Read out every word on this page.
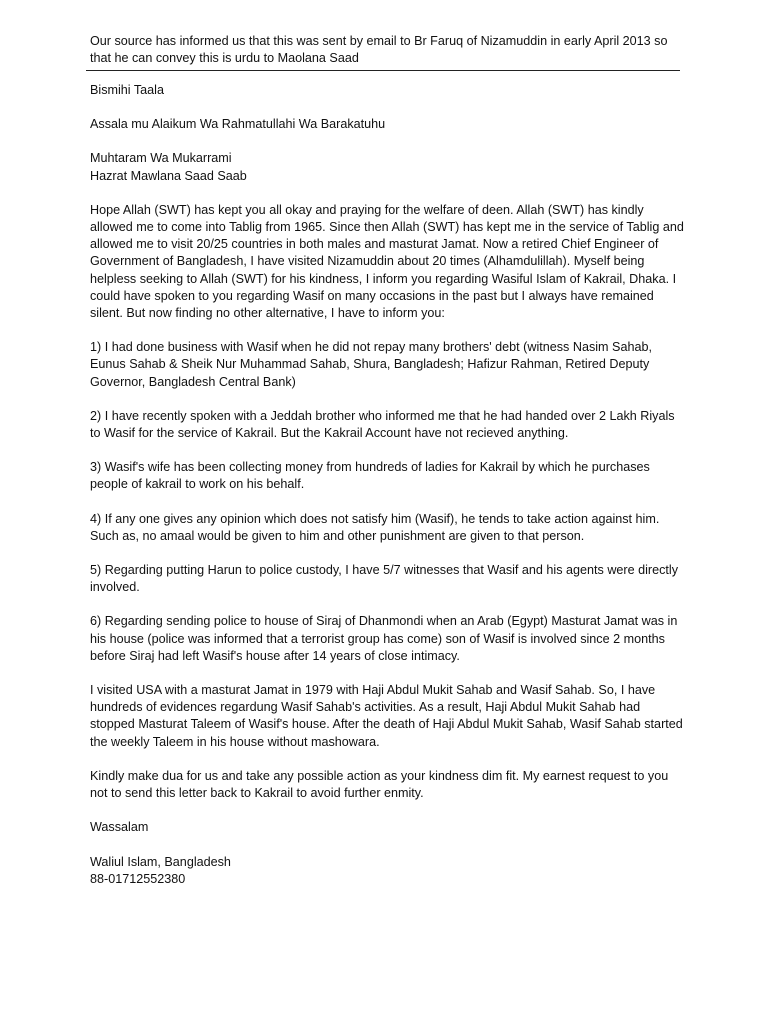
Our source has informed us that this was sent by email to Br Faruq of Nizamuddin in early April 2013 so that he can convey this is urdu to Maolana Saad

Bismihi Taala

Assala mu Alaikum Wa Rahmatullahi Wa Barakatuhu

Muhtaram Wa Mukarrami
Hazrat Mawlana Saad Saab

Hope Allah (SWT) has kept you all okay and praying for the welfare of deen. Allah (SWT) has kindly allowed me to come into Tablig from 1965. Since then Allah (SWT) has kept me in the service of Tablig and allowed me to visit 20/25 countries in both males and masturat Jamat. Now a retired Chief Engineer of Government of Bangladesh, I have visited Nizamuddin about 20 times (Alhamdulillah). Myself being helpless seeking to Allah (SWT) for his kindness, I inform you regarding Wasiful Islam of Kakrail, Dhaka. I could have spoken to you regarding Wasif on many occasions in the past but I always have remained silent. But now finding no other alternative, I have to inform you:

1) I had done business with Wasif when he did not repay many brothers' debt (witness Nasim Sahab, Eunus Sahab & Sheik Nur Muhammad Sahab, Shura, Bangladesh; Hafizur Rahman, Retired Deputy Governor, Bangladesh Central Bank)

2) I have recently spoken with a Jeddah brother who informed me that he had handed over 2 Lakh Riyals to Wasif for the service of Kakrail. But the Kakrail Account have not recieved anything.

3) Wasif's wife has been collecting money from hundreds of ladies for Kakrail by which he purchases people of kakrail to work on his behalf.

4) If any one gives any opinion which does not satisfy him (Wasif), he tends to take action against him. Such as, no amaal would be given to him and other punishment are given to that person.

5) Regarding putting Harun to police custody, I have 5/7 witnesses that Wasif and his agents were directly involved.

6) Regarding sending police to house of Siraj of Dhanmondi when an Arab (Egypt) Masturat Jamat was in his house (police was informed that a terrorist group has come) son of Wasif is involved since 2 months before Siraj had left Wasif's house after 14 years of close intimacy.

I visited USA with a masturat Jamat in 1979 with Haji Abdul Mukit Sahab and Wasif Sahab. So, I have hundreds of evidences regardung Wasif Sahab's activities. As a result, Haji Abdul Mukit Sahab had stopped Masturat Taleem of Wasif's house. After the death of Haji Abdul Mukit Sahab, Wasif Sahab started the weekly Taleem in his house without mashowara.

Kindly make dua for us and take any possible action as your kindness dim fit. My earnest request to you not to send this letter back to Kakrail to avoid further enmity.

Wassalam

Waliul Islam, Bangladesh
88-01712552380
